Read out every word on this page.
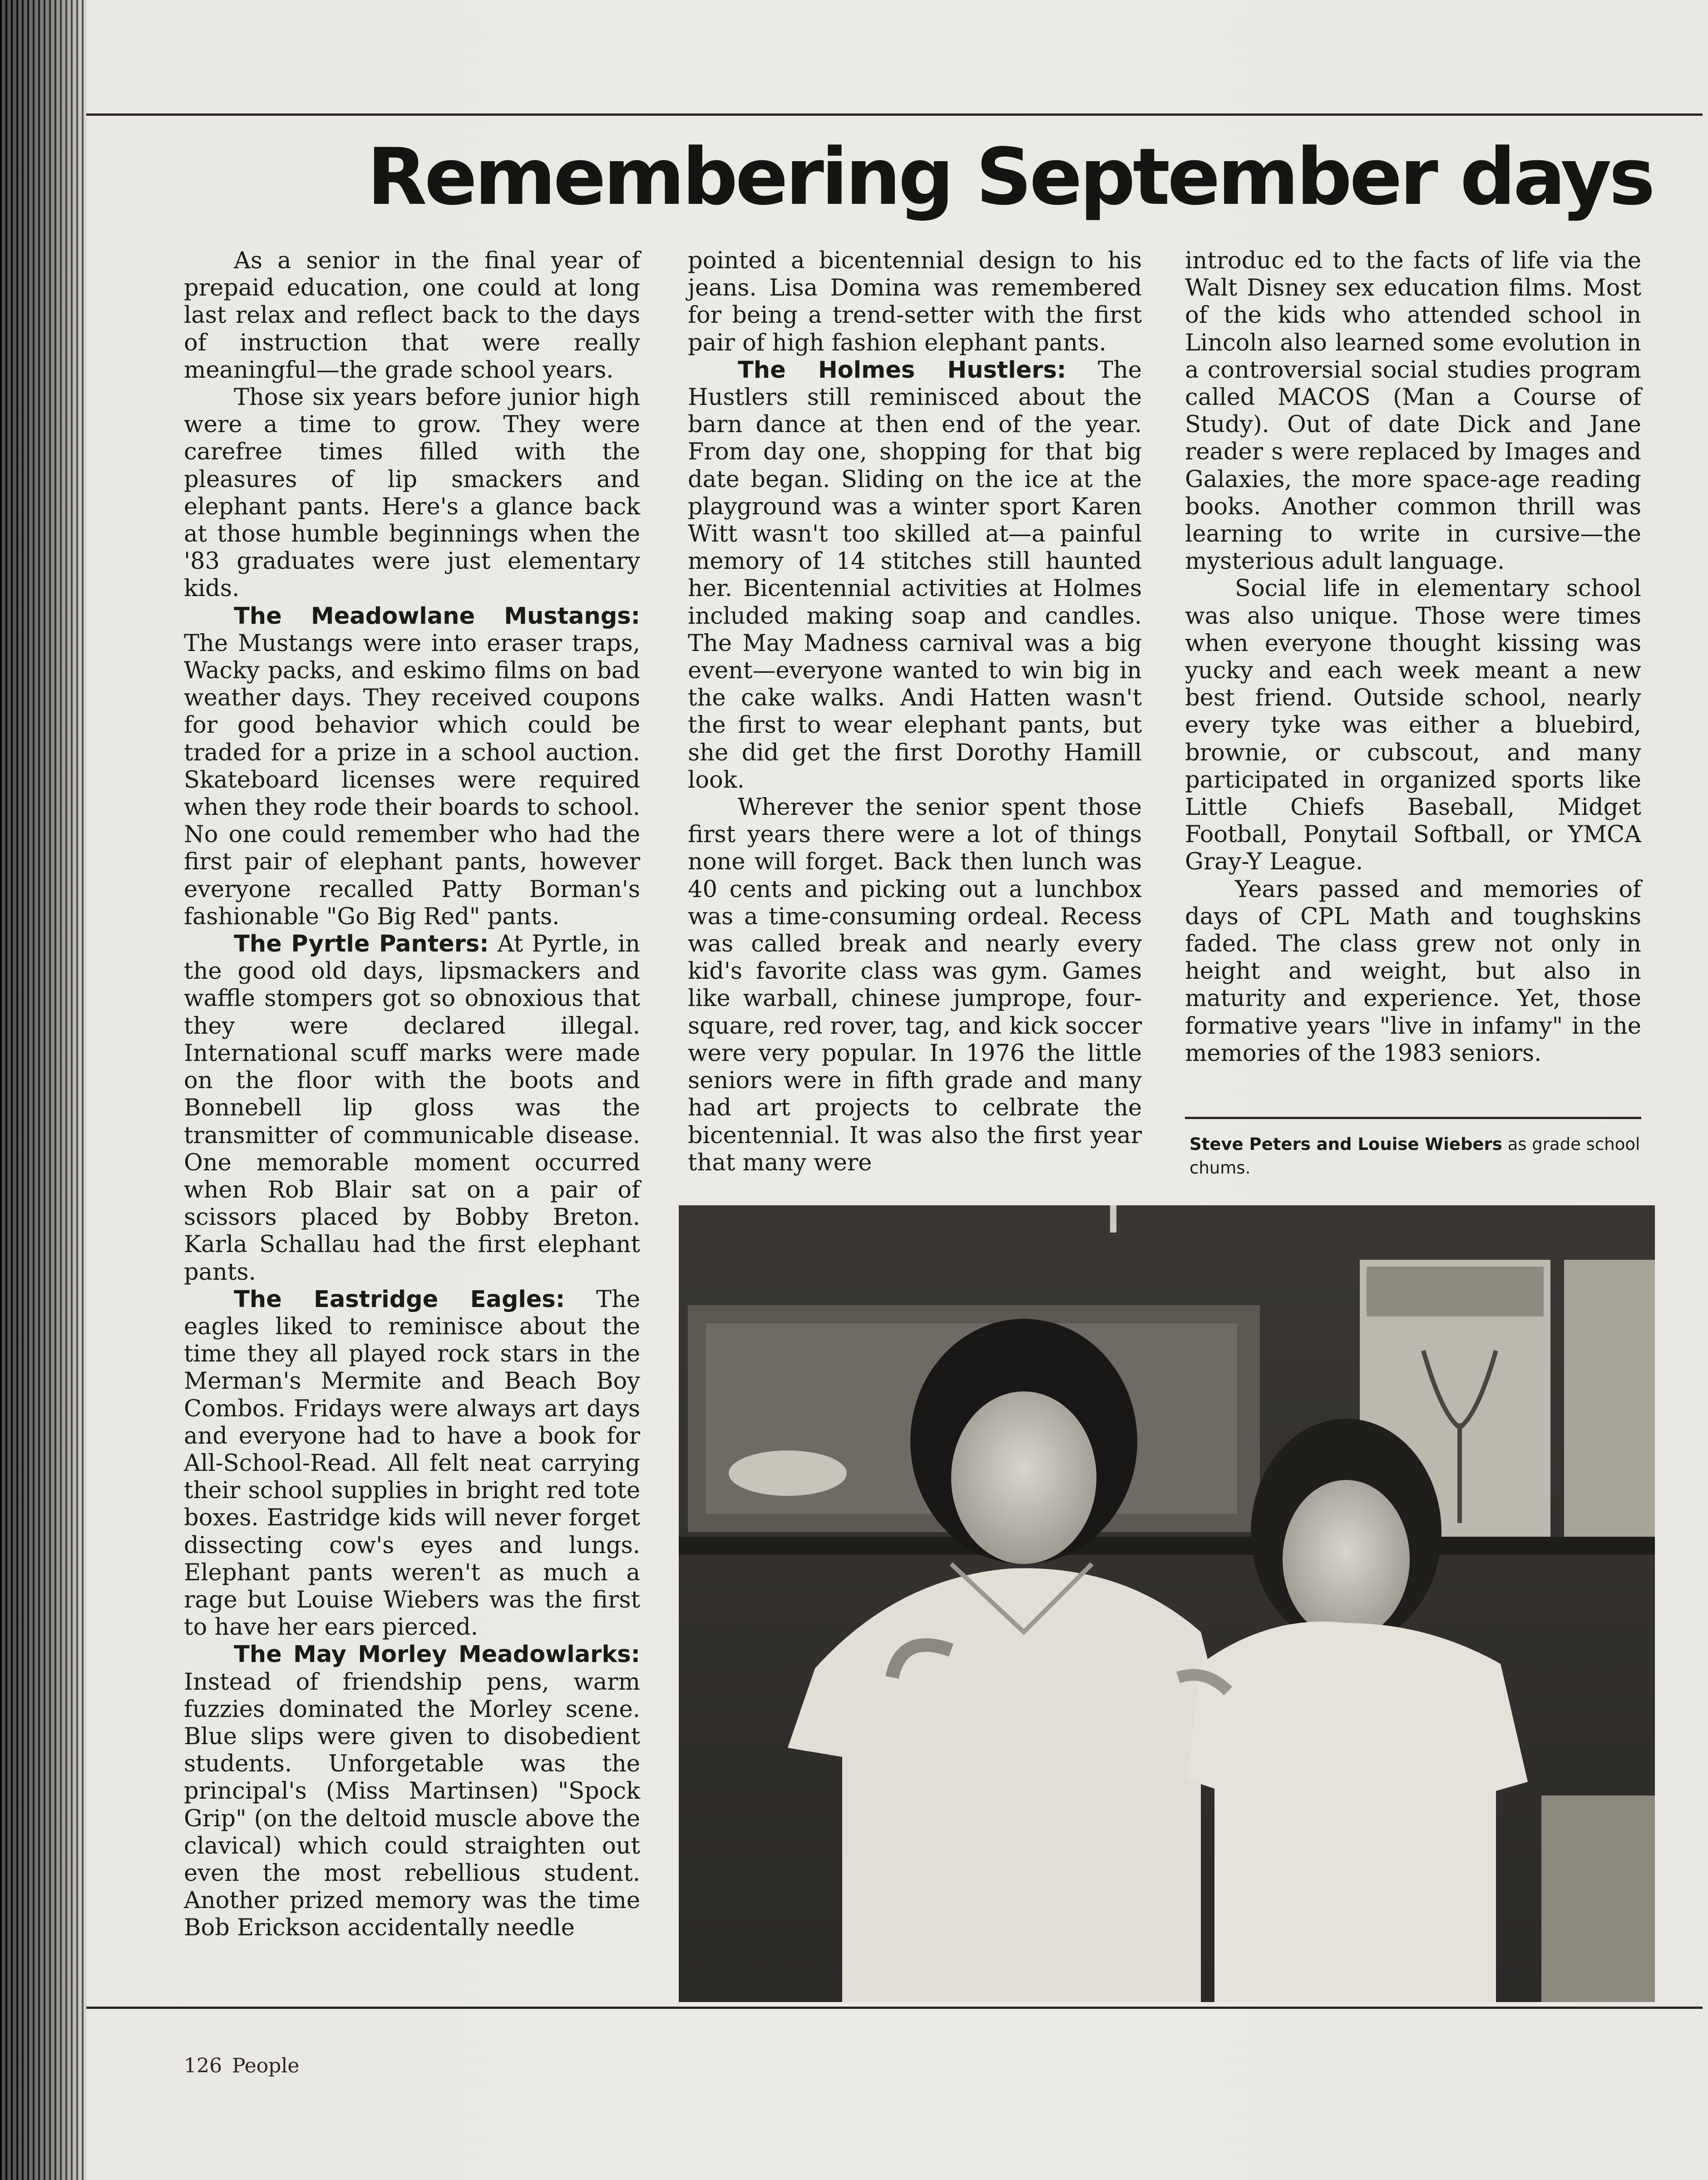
Remembering September days

As a senior in the final year of prepaid education, one could at long last relax and reflect back to the days of instruction that were really meaningful—the grade school years.

Those six years before junior high were a time to grow. They were carefree times filled with the pleasures of lip smackers and elephant pants. Here's a glance back at those humble beginnings when the '83 graduates were just elementary kids.

The Meadowlane Mustangs: The Mustangs were into eraser traps, Wacky packs, and eskimo films on bad weather days. They received coupons for good behavior which could be traded for a prize in a school auction. Skateboard licenses were required when they rode their boards to school. No one could remember who had the first pair of elephant pants, however everyone recalled Patty Borman's fashionable "Go Big Red" pants.

The Pyrtle Panters: At Pyrtle, in the good old days, lipsmackers and waffle stompers got so obnoxious that they were declared illegal. International scuff marks were made on the floor with the boots and Bonnebell lip gloss was the transmitter of communicable disease. One memorable moment occurred when Rob Blair sat on a pair of scissors placed by Bobby Breton. Karla Schallau had the first elephant pants.

The Eastridge Eagles: The eagles liked to reminisce about the time they all played rock stars in the Merman's Mermite and Beach Boy Combos. Fridays were always art days and everyone had to have a book for All-School-Read. All felt neat carrying their school supplies in bright red tote boxes. Eastridge kids will never forget dissecting cow's eyes and lungs. Elephant pants weren't as much a rage but Louise Wiebers was the first to have her ears pierced.

The May Morley Meadowlarks: Instead of friendship pens, warm fuzzies dominated the Morley scene. Blue slips were given to disobedient students. Unforgetable was the principal's (Miss Martinsen) "Spock Grip" (on the deltoid muscle above the clavical) which could straighten out even the most rebellious student. Another prized memory was the time Bob Erickson accidentally needle

pointed a bicentennial design to his jeans. Lisa Domina was remembered for being a trend-setter with the first pair of high fashion elephant pants.

The Holmes Hustlers: The Hustlers still reminisced about the barn dance at then end of the year. From day one, shopping for that big date began. Sliding on the ice at the playground was a winter sport Karen Witt wasn't too skilled at—a painful memory of 14 stitches still haunted her. Bicentennial activities at Holmes included making soap and candles. The May Madness carnival was a big event—everyone wanted to win big in the cake walks. Andi Hatten wasn't the first to wear elephant pants, but she did get the first Dorothy Hamill look.

Wherever the senior spent those first years there were a lot of things none will forget. Back then lunch was 40 cents and picking out a lunchbox was a time-consuming ordeal. Recess was called break and nearly every kid's favorite class was gym. Games like warball, chinese jumprope, four-square, red rover, tag, and kick soccer were very popular. In 1976 the little seniors were in fifth grade and many had art projects to celbrate the bicentennial. It was also the first year that many were

introduc ed to the facts of life via the Walt Disney sex education films. Most of the kids who attended school in Lincoln also learned some evolution in a controversial social studies program called MACOS (Man a Course of Study). Out of date Dick and Jane reader s were replaced by Images and Galaxies, the more space-age reading books. Another common thrill was learning to write in cursive—the mysterious adult language.

Social life in elementary school was also unique. Those were times when everyone thought kissing was yucky and each week meant a new best friend. Outside school, nearly every tyke was either a bluebird, brownie, or cubscout, and many participated in organized sports like Little Chiefs Baseball, Midget Football, Ponytail Softball, or YMCA Gray-Y League.

Years passed and memories of days of CPL Math and toughskins faded. The class grew not only in height and weight, but also in maturity and experience. Yet, those formative years "live in infamy" in the memories of the 1983 seniors.

Steve Peters and Louise Wiebers as grade school chums.
126 People
